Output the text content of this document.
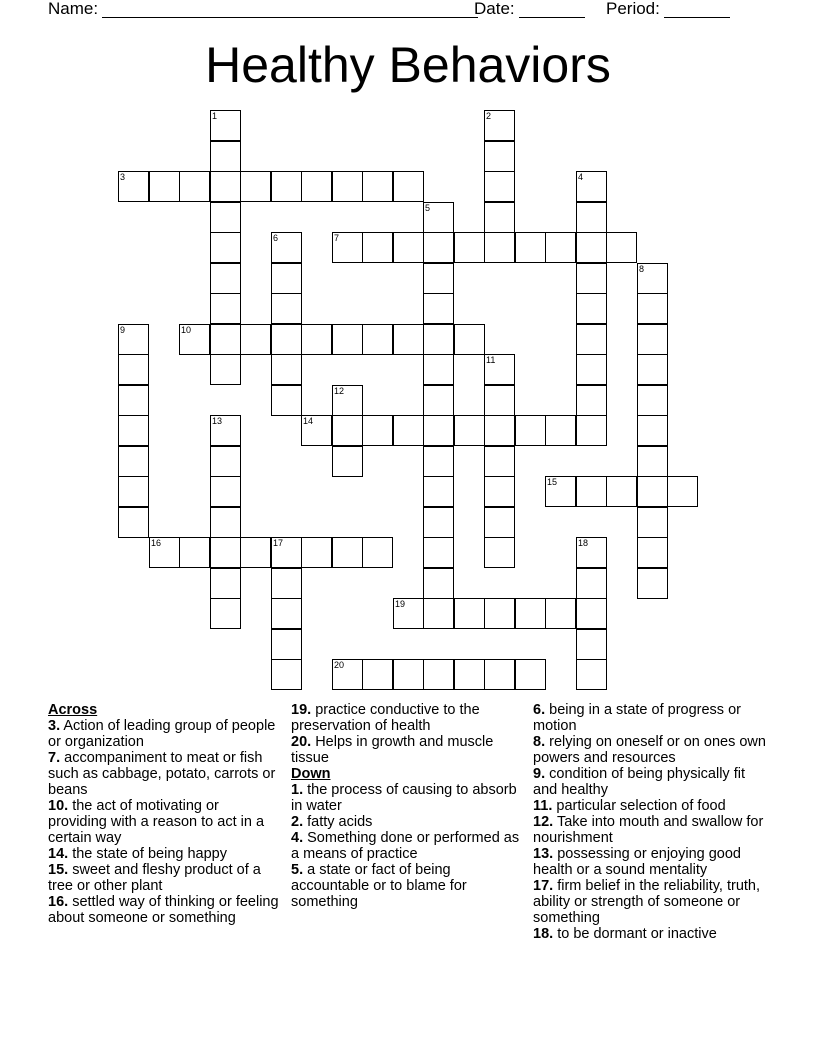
Name:	Date:	Period:
Healthy Behaviors
1	2
3	4
5
6	7
8
9	10
11
12
13	14
15
16	17	18
19
20
Across
3. Action of leading group of people or organization
7. accompaniment to meat or fish such as cabbage, potato, carrots or beans
10. the act of motivating or providing with a reason to act in a certain way
14. the state of being happy
15. sweet and fleshy product of a tree or other plant
16. settled way of thinking or feeling about someone or something
19. practice conductive to the preservation of health
20. Helps in growth and muscle tissue
Down
1. the process of causing to absorb in water
2. fatty acids
4. Something done or performed as a means of practice
5. a state or fact of being accountable or to blame for something
6. being in a state of progress or motion
8. relying on oneself or on ones own powers and resources
9. condition of being physically fit and healthy
11. particular selection of food
12. Take into mouth and swallow for nourishment
13. possessing or enjoying good health or a sound mentality
17. firm belief in the reliability, truth, ability or strength of someone or something
18. to be dormant or inactive
